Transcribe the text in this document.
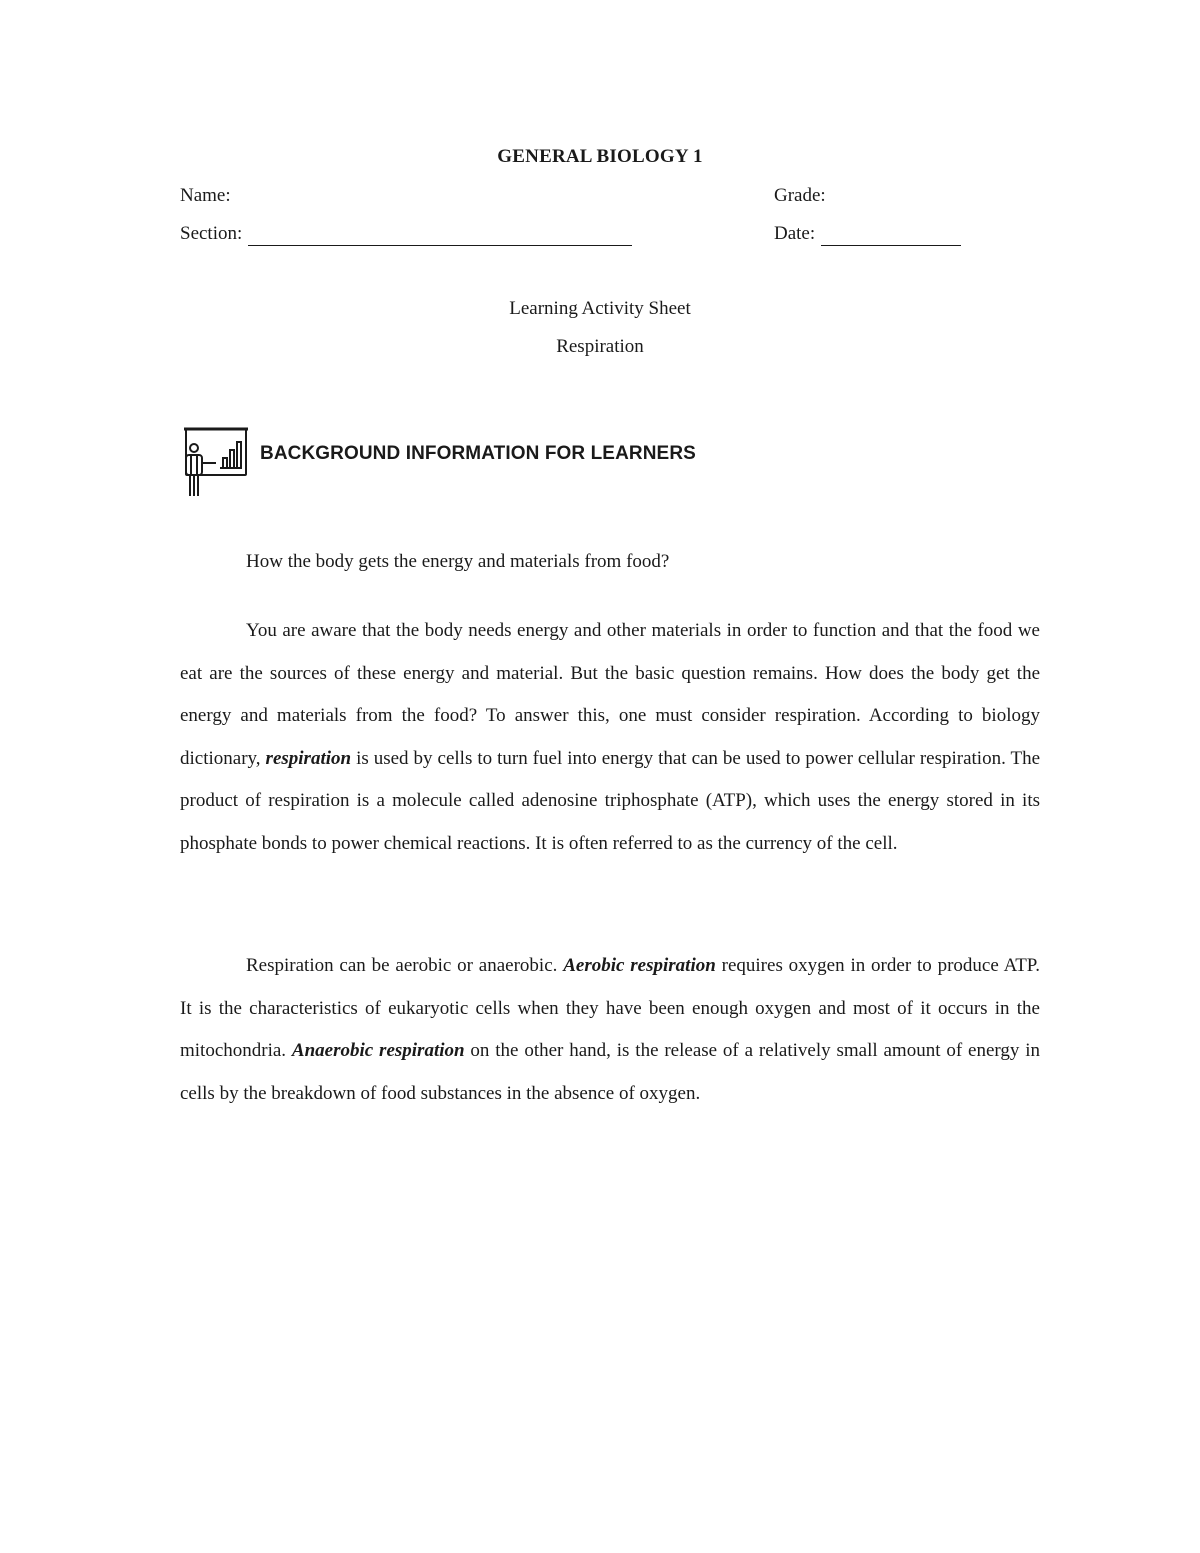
GENERAL BIOLOGY 1
Name:	Grade:
Section:	Date:
Learning Activity Sheet
Respiration
BACKGROUND INFORMATION FOR LEARNERS
How the body gets the energy and materials from food?

You are aware that the body needs energy and other materials in order to function and that the food we eat are the sources of these energy and material. But the basic question remains. How does the body get the energy and materials from the food? To answer this, one must consider respiration. According to biology dictionary, respiration is used by cells to turn fuel into energy that can be used to power cellular respiration. The product of respiration is a molecule called adenosine triphosphate (ATP), which uses the energy stored in its phosphate bonds to power chemical reactions. It is often referred to as the currency of the cell.

Respiration can be aerobic or anaerobic. Aerobic respiration requires oxygen in order to produce ATP. It is the characteristics of eukaryotic cells when they have been enough oxygen and most of it occurs in the mitochondria. Anaerobic respiration on the other hand, is the release of a relatively small amount of energy in cells by the breakdown of food substances in the absence of oxygen.
